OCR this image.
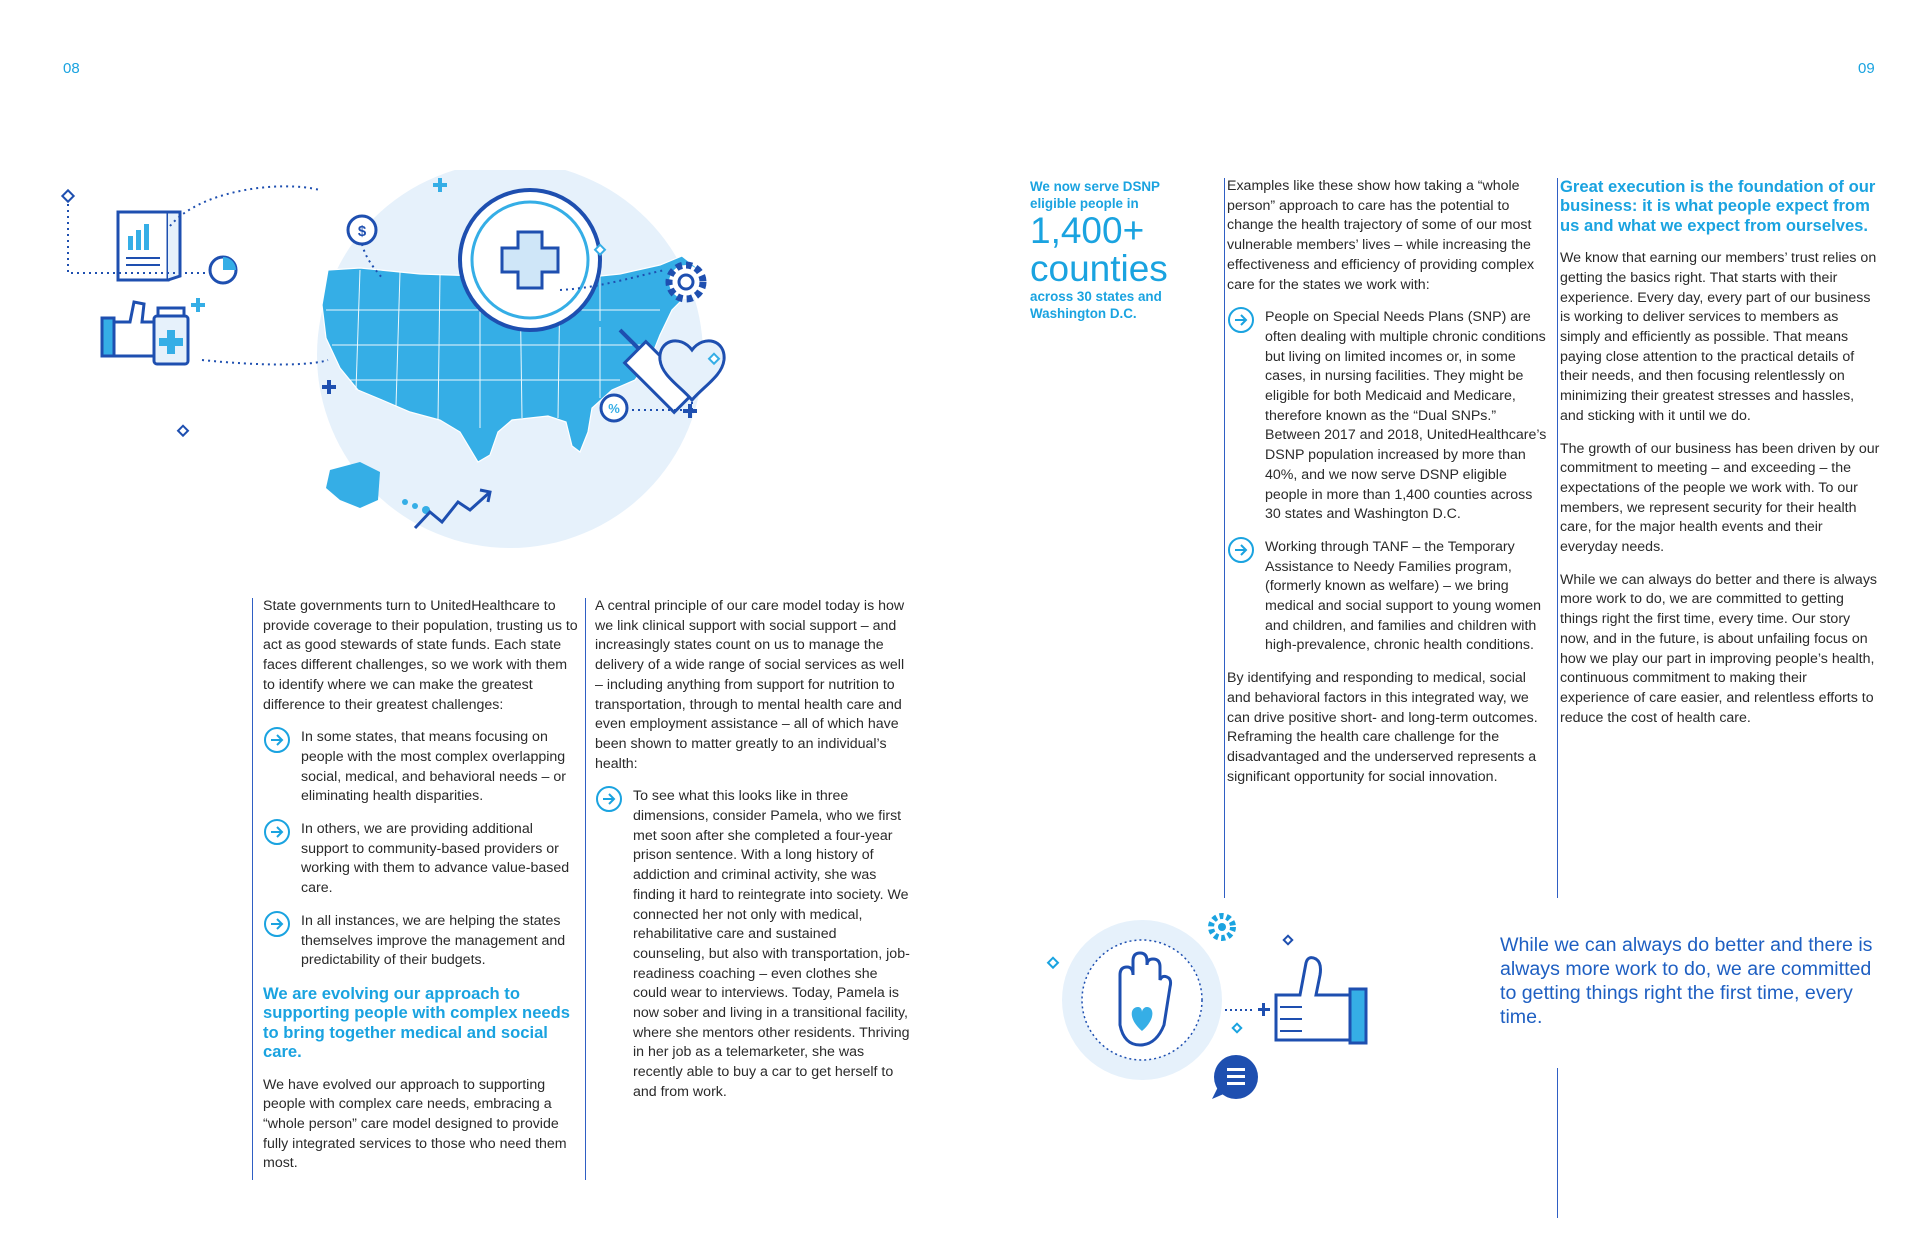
08	09
$
%

State governments turn to UnitedHealthcare to provide coverage to their population, trusting us to act as good stewards of state funds. Each state faces different challenges, so we work with them to identify where we can make the greatest difference to their greatest challenges:

In some states, that means focusing on people with the most complex overlapping social, medical, and behavioral needs – or eliminating health disparities.
In others, we are providing additional support to community-based providers or working with them to advance value-based care.
In all instances, we are helping the states themselves improve the management and predictability of their budgets.
We are evolving our approach to supporting people with complex needs to bring together medical and social care.

We have evolved our approach to supporting people with complex care needs, embracing a “whole person” care model designed to provide fully integrated services to those who need them most.

A central principle of our care model today is how we link clinical support with social support – and increasingly states count on us to manage the delivery of a wide range of social services as well – including anything from support for nutrition to transportation, through to mental health care and even employment assistance – all of which have been shown to matter greatly to an individual’s health:

To see what this looks like in three dimensions, consider Pamela, who we first met soon after she completed a four-year prison sentence. With a long history of addiction and criminal activity, she was finding it hard to reintegrate into society. We connected her not only with medical, rehabilitative care and sustained counseling, but also with transportation, job-readiness coaching – even clothes she could wear to interviews. Today, Pamela is now sober and living in a transitional facility, where she mentors other residents. Thriving in her job as a telemarketer, she was recently able to buy a car to get herself to and from work.
We now serve DSNP eligible people in
1,400+ counties
across 30 states and Washington D.C.

Examples like these show how taking a “whole person” approach to care has the potential to change the health trajectory of some of our most vulnerable members’ lives – while increasing the effectiveness and efficiency of providing complex care for the states we work with:

People on Special Needs Plans (SNP) are often dealing with multiple chronic conditions but living on limited incomes or, in some cases, in nursing facilities. They might be eligible for both Medicaid and Medicare, therefore known as the “Dual SNPs.” Between 2017 and 2018, UnitedHealthcare’s DSNP population increased by more than 40%, and we now serve DSNP eligible people in more than 1,400 counties across 30 states and Washington D.C.
Working through TANF – the Temporary Assistance to Needy Families program, (formerly known as welfare) – we bring medical and social support to young women and children, and families and children with high-prevalence, chronic health conditions.

By identifying and responding to medical, social and behavioral factors in this integrated way, we can drive positive short- and long-term outcomes. Reframing the health care challenge for the disadvantaged and the underserved represents a significant opportunity for social innovation.

Great execution is the foundation of our business: it is what people expect from us and what we expect from ourselves.

We know that earning our members’ trust relies on getting the basics right. That starts with their experience. Every day, every part of our business is working to deliver services to members as simply and efficiently as possible. That means paying close attention to the practical details of their needs, and then focusing relentlessly on minimizing their greatest stresses and hassles, and sticking with it until we do.

The growth of our business has been driven by our commitment to meeting – and exceeding – the expectations of the people we work with. To our members, we represent security for their health care, for the major health events and their everyday needs.

While we can always do better and there is always more work to do, we are committed to getting things right the first time, every time. Our story now, and in the future, is about unfailing focus on how we play our part in improving people’s health, continuous commitment to making their experience of care easier, and relentless efforts to reduce the cost of health care.

While we can always do better and there is always more work to do, we are committed to getting things right the first time, every time.
